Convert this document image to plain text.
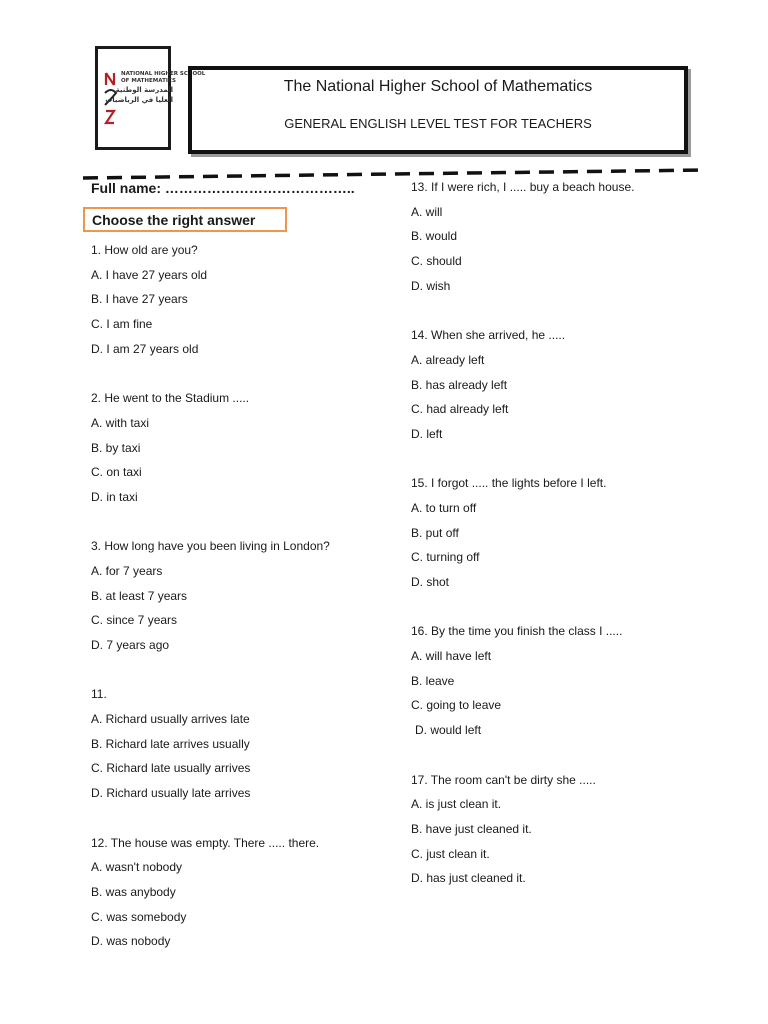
NATIONAL HIGHER SCHOOL
OF MATHEMATICS
المدرسة الوطنية
العليا في الرياضيات
The National Higher School of Mathematics
GENERAL ENGLISH LEVEL TEST FOR TEACHERS
Full name: …………………………………..
Choose the right answer
1. How old are you?
A. I have 27 years old
B. I have 27 years
C. I am fine
D. I am 27 years old
2. He went to the Stadium .....
A. with taxi
B. by taxi
C. on taxi
D. in taxi
3. How long have you been living in London?
A. for 7 years
B. at least 7 years
C. since 7 years
D. 7 years ago
11.
A. Richard usually arrives late
B. Richard late arrives usually
C. Richard late usually arrives
D. Richard usually late arrives
12. The house was empty. There ..... there.
A. wasn't nobody
B. was anybody
C. was somebody
D. was nobody
13. If I were rich, I ..... buy a beach house.
A. will
B. would
C. should
D. wish
14. When she arrived, he .....
A. already left
B. has already left
C. had already left
D. left
15. I forgot ..... the lights before I left.
A. to turn off
B. put off
C. turning off
D. shot
16. By the time you finish the class I .....
A. will have left
B. leave
C. going to leave
D. would left
17. The room can't be dirty she .....
A. is just clean it.
B. have just cleaned it.
C. just clean it.
D. has just cleaned it.
